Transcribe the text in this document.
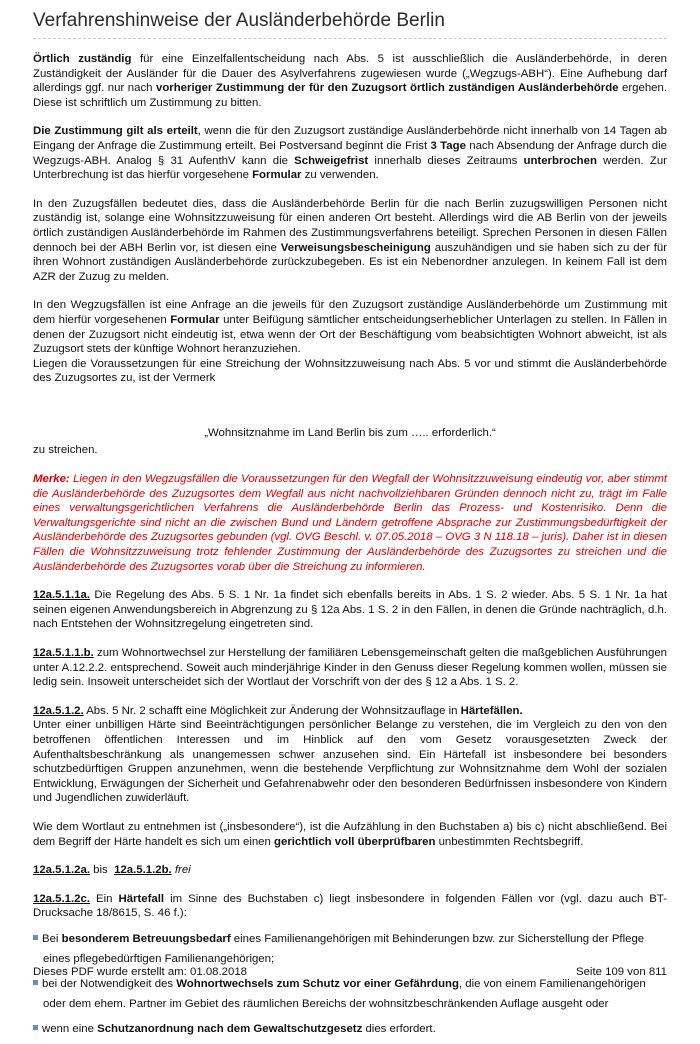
Verfahrenshinweise der Ausländerbehörde Berlin

Örtlich zuständig für eine Einzelfallentscheidung nach Abs. 5 ist ausschließlich die Ausländerbehörde, in deren Zuständigkeit der Ausländer für die Dauer des Asylverfahrens zugewiesen wurde („Wegzugs-ABH“). Eine Aufhebung darf allerdings ggf. nur nach vorheriger Zustimmung der für den Zuzugsort örtlich zuständigen Ausländerbehörde ergehen. Diese ist schriftlich um Zustimmung zu bitten.

Die Zustimmung gilt als erteilt, wenn die für den Zuzugsort zuständige Ausländerbehörde nicht innerhalb von 14 Tagen ab Eingang der Anfrage die Zustimmung erteilt. Bei Postversand beginnt die Frist 3 Tage nach Absendung der Anfrage durch die Wegzugs-ABH. Analog § 31 AufenthV kann die Schweigefrist innerhalb dieses Zeitraums unterbrochen werden. Zur Unterbrechung ist das hierfür vorgesehene Formular zu verwenden.

In den Zuzugsfällen bedeutet dies, dass die Ausländerbehörde Berlin für die nach Berlin zuzugswilligen Personen nicht zuständig ist, solange eine Wohnsitzzuweisung für einen anderen Ort besteht. Allerdings wird die AB Berlin von der jeweils örtlich zuständigen Ausländerbehörde im Rahmen des Zustimmungsverfahrens beteiligt. Sprechen Personen in diesen Fällen dennoch bei der ABH Berlin vor, ist diesen eine Verweisungsbescheinigung auszuhändigen und sie haben sich zu der für ihren Wohnort zuständigen Ausländerbehörde zurückzubegeben. Es ist ein Nebenordner anzulegen. In keinem Fall ist dem AZR der Zuzug zu melden.

In den Wegzugsfällen ist eine Anfrage an die jeweils für den Zuzugsort zuständige Ausländerbehörde um Zustimmung mit dem hierfür vorgesehenen Formular unter Beifügung sämtlicher entscheidungserheblicher Unterlagen zu stellen. In Fällen in denen der Zuzugsort nicht eindeutig ist, etwa wenn der Ort der Beschäftigung vom beabsichtigten Wohnort abweicht, ist als Zuzugsort stets der künftige Wohnort heranzuziehen.

Liegen die Voraussetzungen für eine Streichung der Wohnsitzzuweisung nach Abs. 5 vor und stimmt die Ausländerbehörde des Zuzugsortes zu, ist der Vermerk

„Wohnsitznahme im Land Berlin bis zum ….. erforderlich.“

zu streichen.

Merke: Liegen in den Wegzugsfällen die Voraussetzungen für den Wegfall der Wohnsitzzuweisung eindeutig vor, aber stimmt die Ausländerbehörde des Zuzugsortes dem Wegfall aus nicht nachvollziehbaren Gründen dennoch nicht zu, trägt im Falle eines verwaltungsgerichtlichen Verfahrens die Ausländerbehörde Berlin das Prozess- und Kostenrisiko. Denn die Verwaltungsgerichte sind nicht an die zwischen Bund und Ländern getroffene Absprache zur Zustimmungsbedürftigkeit der Ausländerbehörde des Zuzugsortes gebunden (vgl. OVG Beschl. v. 07.05.2018 – OVG 3 N 118.18 – juris). Daher ist in diesen Fällen die Wohnsitzzuweisung trotz fehlender Zustimmung der Ausländerbehörde des Zuzugsortes zu streichen und die Ausländerbehörde des Zuzugsortes vorab über die Streichung zu informieren.

12a.5.1.1a. Die Regelung des Abs. 5 S. 1 Nr. 1a findet sich ebenfalls bereits in Abs. 1 S. 2 wieder. Abs. 5 S. 1 Nr. 1a hat seinen eigenen Anwendungsbereich in Abgrenzung zu § 12a Abs. 1 S. 2 in den Fällen, in denen die Gründe nachträglich, d.h. nach Entstehen der Wohnsitzregelung eingetreten sind.

12a.5.1.1.b. zum Wohnortwechsel zur Herstellung der familiären Lebensgemeinschaft gelten die maßgeblichen Ausführungen unter A.12.2.2. entsprechend. Soweit auch minderjährige Kinder in den Genuss dieser Regelung kommen wollen, müssen sie ledig sein. Insoweit unterscheidet sich der Wortlaut der Vorschrift von der des § 12 a Abs. 1 S. 2.

12a.5.1.2. Abs. 5 Nr. 2 schafft eine Möglichkeit zur Änderung der Wohnsitzauflage in Härtefällen.

Unter einer unbilligen Härte sind Beeinträchtigungen persönlicher Belange zu verstehen, die im Vergleich zu den von den betroffenen öffentlichen Interessen und im Hinblick auf den vom Gesetz vorausgesetzten Zweck der Aufenthaltsbeschränkung als unangemessen schwer anzusehen sind. Ein Härtefall ist insbesondere bei besonders schutzbedürftigen Gruppen anzunehmen, wenn die bestehende Verpflichtung zur Wohnsitznahme dem Wohl der sozialen Entwicklung, Erwägungen der Sicherheit und Gefahrenabwehr oder den besonderen Bedürfnissen insbesondere von Kindern und Jugendlichen zuwiderläuft.

Wie dem Wortlaut zu entnehmen ist („insbesondere“), ist die Aufzählung in den Buchstaben a) bis c) nicht abschließend. Bei dem Begriff der Härte handelt es sich um einen gerichtlich voll überprüfbaren unbestimmten Rechtsbegriff.

12a.5.1.2a. bis  12a.5.1.2b. frei

12a.5.1.2c. Ein Härtefall im Sinne des Buchstaben c) liegt insbesondere in folgenden Fällen vor (vgl. dazu auch BT-Drucksache 18/8615, S. 46 f.):

Bei besonderem Betreuungsbedarf eines Familienangehörigen mit Behinderungen bzw. zur Sicherstellung der Pflege eines pflegebedürftigen Familienangehörigen;
bei der Notwendigkeit des Wohnortwechsels zum Schutz vor einer Gefährdung, die von einem Familienangehörigen oder dem ehem. Partner im Gebiet des räumlichen Bereichs der wohnsitzbeschränkenden Auflage ausgeht oder
wenn eine Schutzanordnung nach dem Gewaltschutzgesetz dies erfordert.
Dieses PDF wurde erstellt am: 01.08.2018	Seite 109 von 811
